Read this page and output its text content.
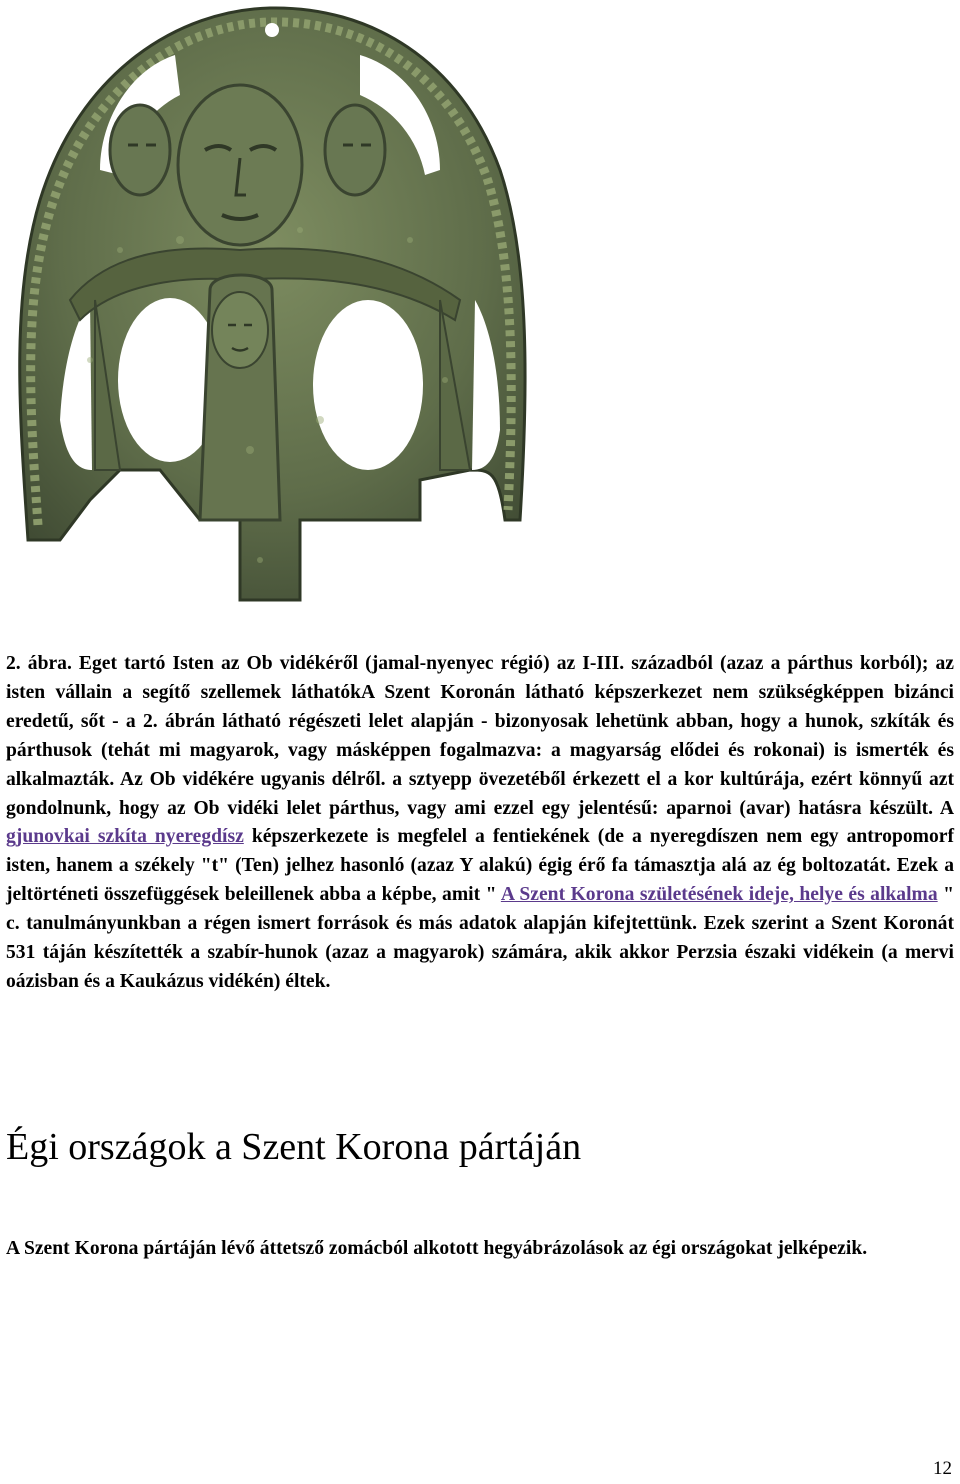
2. ábra. Eget tartó Isten az Ob vidékéről (jamal-nyenyec régió) az I-III. századból (azaz a párthus korból); az isten vállain a segítő szellemek láthatókA Szent Koronán látható képszerkezet nem szükségképpen bizánci eredetű, sőt - a 2. ábrán látható régészeti lelet alapján - bizonyosak lehetünk abban, hogy a hunok, szkíták és párthusok (tehát mi magyarok, vagy másképpen fogalmazva: a magyarság elődei és rokonai) is ismerték és alkalmazták. Az Ob vidékére ugyanis délről. a sztyepp övezetéből érkezett el a kor kultúrája, ezért könnyű azt gondolnunk, hogy az Ob vidéki lelet párthus, vagy ami ezzel egy jelentésű: aparnoi (avar) hatásra készült. A gjunovkai szkíta nyeregdísz képszerkezete is megfelel a fentiekének (de a nyeregdíszen nem egy antropomorf isten, hanem a székely "t" (Ten) jelhez hasonló (azaz Y alakú) égig érő fa támasztja alá az ég boltozatát. Ezek a jeltörténeti összefüggések beleillenek abba a képbe, amit " A Szent Korona születésének ideje, helye és alkalma " c. tanulmányunkban a régen ismert források és más adatok alapján kifejtettünk. Ezek szerint a Szent Koronát 531 táján készítették a szabír-hunok (azaz a magyarok) számára, akik akkor Perzsia északi vidékein (a mervi oázisban és a Kaukázus vidékén) éltek.

Égi országok a Szent Korona pártáján

A Szent Korona pártáján lévő áttetsző zomácból alkotott hegyábrázolások az égi országokat jelképezik.

12
